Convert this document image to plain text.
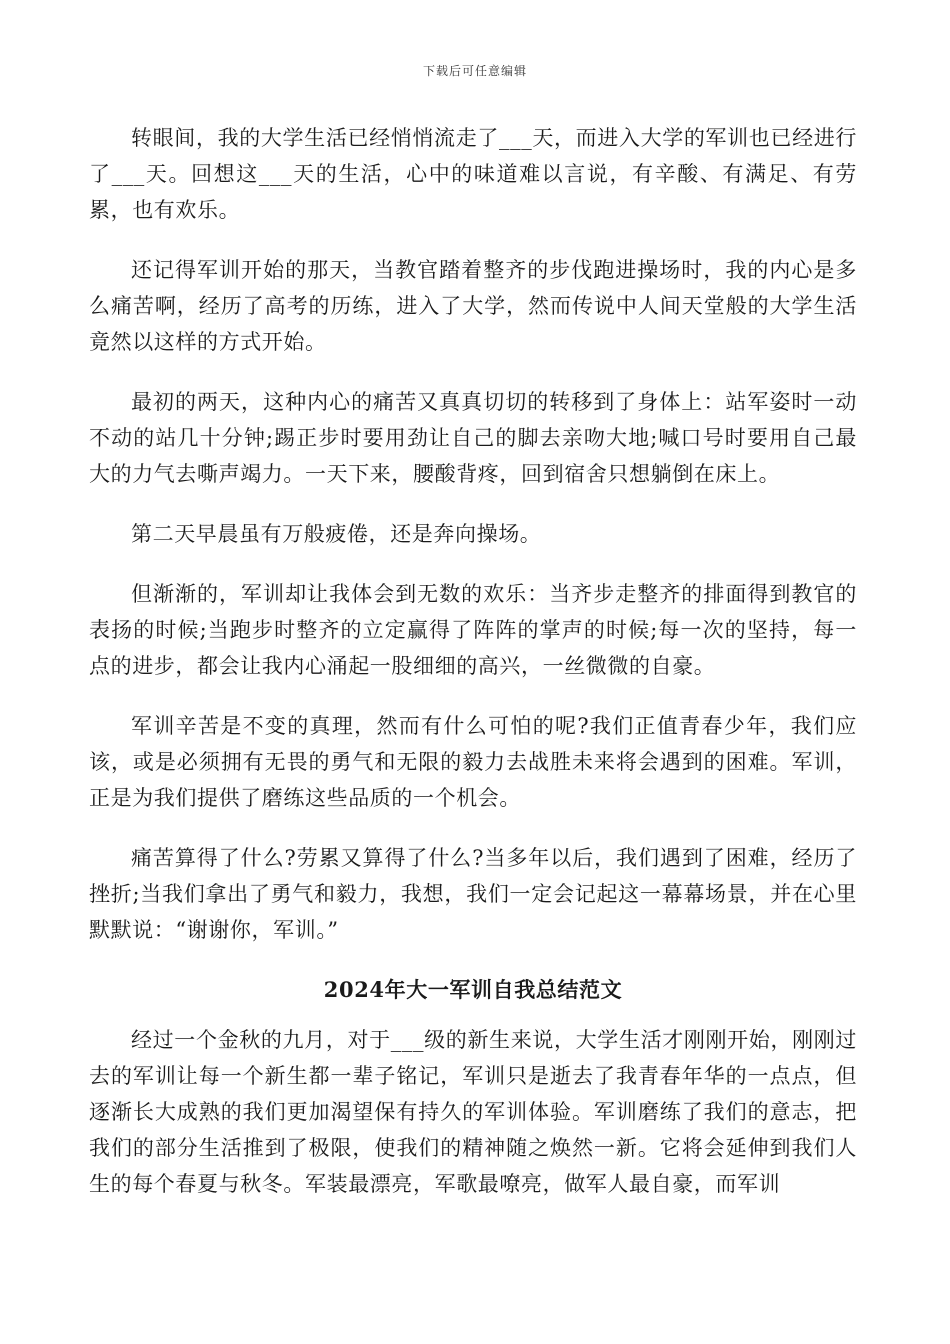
下载后可任意编辑

转眼间，我的大学生活已经悄悄流走了___天，而进入大学的军训也已经进行了___天。回想这___天的生活，心中的味道难以言说，有辛酸、有满足、有劳累，也有欢乐。

还记得军训开始的那天，当教官踏着整齐的步伐跑进操场时，我的内心是多么痛苦啊，经历了高考的历练，进入了大学，然而传说中人间天堂般的大学生活竟然以这样的方式开始。

最初的两天，这种内心的痛苦又真真切切的转移到了身体上：站军姿时一动不动的站几十分钟;踢正步时要用劲让自己的脚去亲吻大地;喊口号时要用自己最大的力气去嘶声竭力。一天下来，腰酸背疼，回到宿舍只想躺倒在床上。

第二天早晨虽有万般疲倦，还是奔向操场。

但渐渐的，军训却让我体会到无数的欢乐：当齐步走整齐的排面得到教官的表扬的时候;当跑步时整齐的立定赢得了阵阵的掌声的时候;每一次的坚持，每一点的进步，都会让我内心涌起一股细细的高兴，一丝微微的自豪。

军训辛苦是不变的真理，然而有什么可怕的呢?我们正值青春少年，我们应该，或是必须拥有无畏的勇气和无限的毅力去战胜未来将会遇到的困难。军训，正是为我们提供了磨练这些品质的一个机会。

痛苦算得了什么?劳累又算得了什么?当多年以后，我们遇到了困难，经历了挫折;当我们拿出了勇气和毅力，我想，我们一定会记起这一幕幕场景，并在心里默默说：“谢谢你，军训。”

2024年大一军训自我总结范文

经过一个金秋的九月，对于___级的新生来说，大学生活才刚刚开始，刚刚过去的军训让每一个新生都一辈子铭记，军训只是逝去了我青春年华的一点点，但逐渐长大成熟的我们更加渴望保有持久的军训体验。军训磨练了我们的意志，把我们的部分生活推到了极限，使我们的精神随之焕然一新。它将会延伸到我们人生的每个春夏与秋冬。军装最漂亮，军歌最嘹亮，做军人最自豪，而军训
